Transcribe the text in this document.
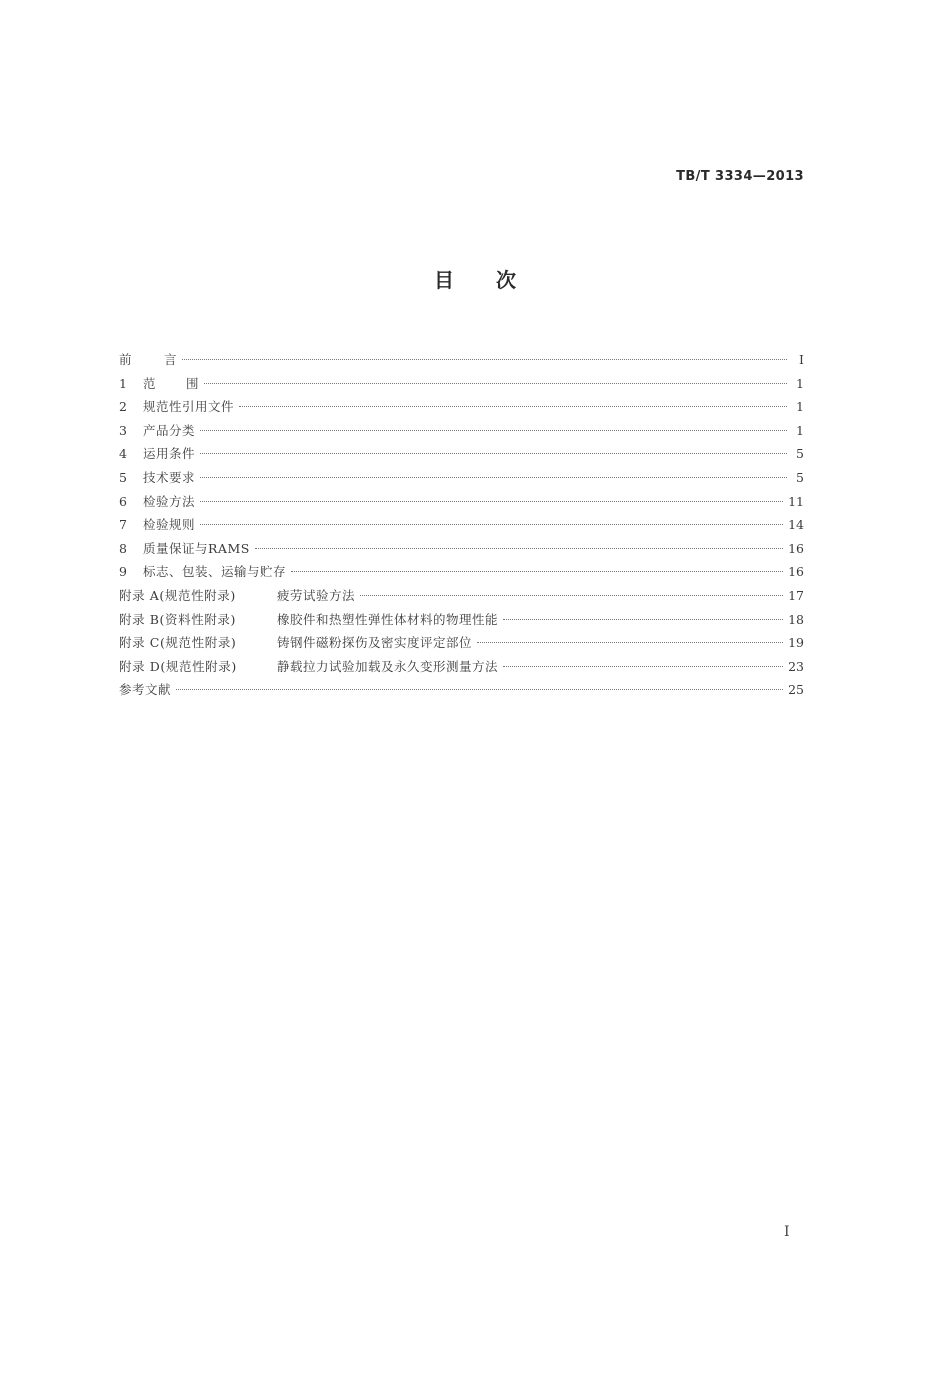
TB/T 3334—2013
目 次
前	言	Ⅰ
1	范 围	1
2	规范性引用文件	1
3	产品分类	1
4	运用条件	5
5	技术要求	5
6	检验方法	11
7	检验规则	14
8	质量保证与RAMS	16
9	标志、包装、运输与贮存	16
附录 A(规范性附录)	疲劳试验方法	17
附录 B(资料性附录)	橡胶件和热塑性弹性体材料的物理性能	18
附录 C(规范性附录)	铸钢件磁粉探伤及密实度评定部位	19
附录 D(规范性附录)	静载拉力试验加载及永久变形测量方法	23
参考文献	25
I
